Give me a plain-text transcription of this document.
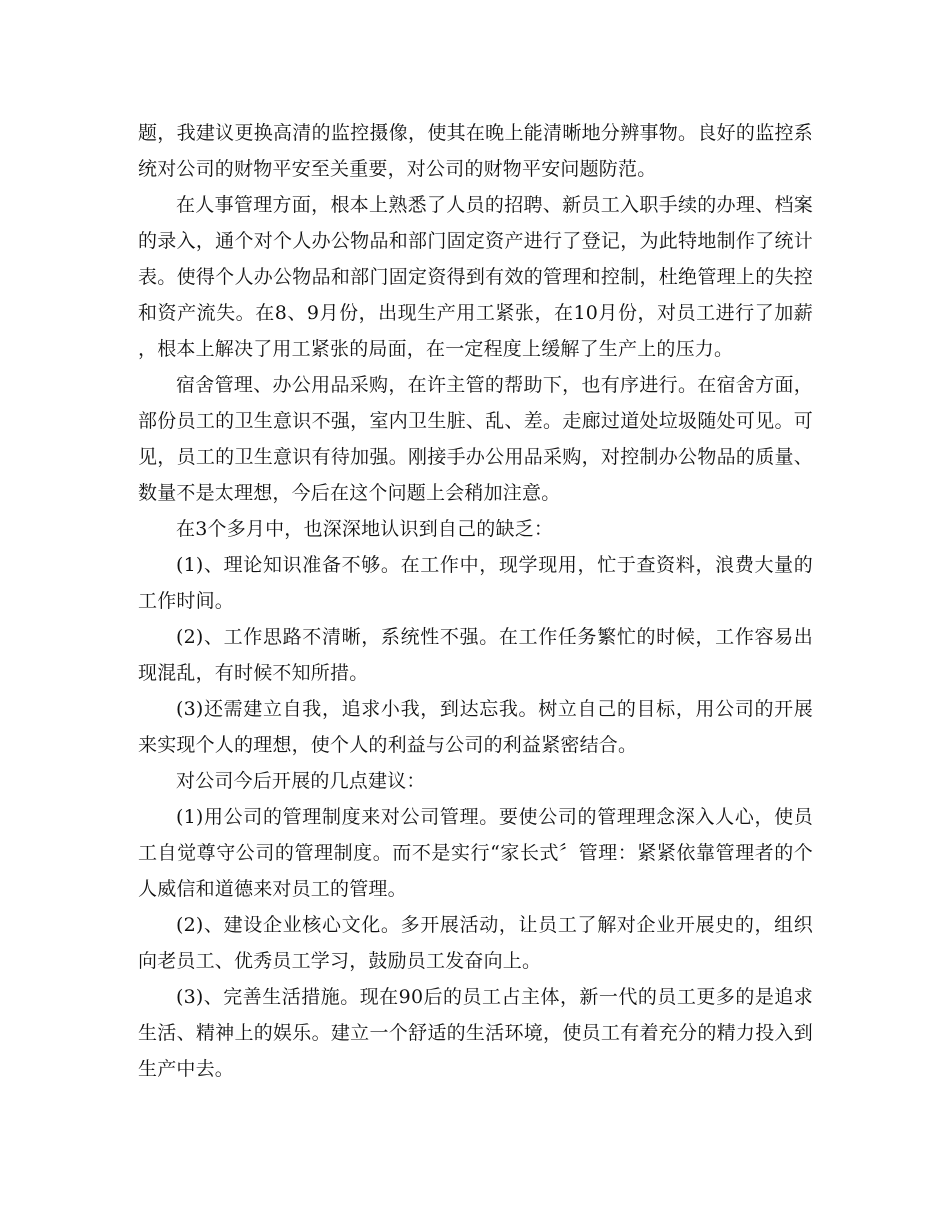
题，我建议更换高清的监控摄像，使其在晚上能清晰地分辨事物。良好的监控系统对公司的财物平安至关重要，对公司的财物平安问题防范。

在人事管理方面，根本上熟悉了人员的招聘、新员工入职手续的办理、档案的录入，通个对个人办公物品和部门固定资产进行了登记，为此特地制作了统计表。使得个人办公物品和部门固定资得到有效的管理和控制，杜绝管理上的失控和资产流失。在8、9月份，出现生产用工紧张，在10月份，对员工进行了加薪，根本上解决了用工紧张的局面，在一定程度上缓解了生产上的压力。

宿舍管理、办公用品采购，在许主管的帮助下，也有序进行。在宿舍方面，部份员工的卫生意识不强，室内卫生脏、乱、差。走廊过道处垃圾随处可见。可见，员工的卫生意识有待加强。刚接手办公用品采购，对控制办公物品的质量、数量不是太理想，今后在这个问题上会稍加注意。

在3个多月中，也深深地认识到自己的缺乏：

(1)、理论知识准备不够。在工作中，现学现用，忙于查资料，浪费大量的工作时间。

(2)、工作思路不清晰，系统性不强。在工作任务繁忙的时候，工作容易出现混乱，有时候不知所措。

(3)还需建立自我，追求小我，到达忘我。树立自己的目标，用公司的开展来实现个人的理想，使个人的利益与公司的利益紧密结合。

对公司今后开展的几点建议：

(1)用公司的管理制度来对公司管理。要使公司的管理理念深入人心，使员工自觉尊守公司的管理制度。而不是实行“家长式〞管理：紧紧依靠管理者的个人威信和道德来对员工的管理。

(2)、建设企业核心文化。多开展活动，让员工了解对企业开展史的，组织向老员工、优秀员工学习，鼓励员工发奋向上。

(3)、完善生活措施。现在90后的员工占主体，新一代的员工更多的是追求生活、精神上的娱乐。建立一个舒适的生活环境，使员工有着充分的精力投入到生产中去。
